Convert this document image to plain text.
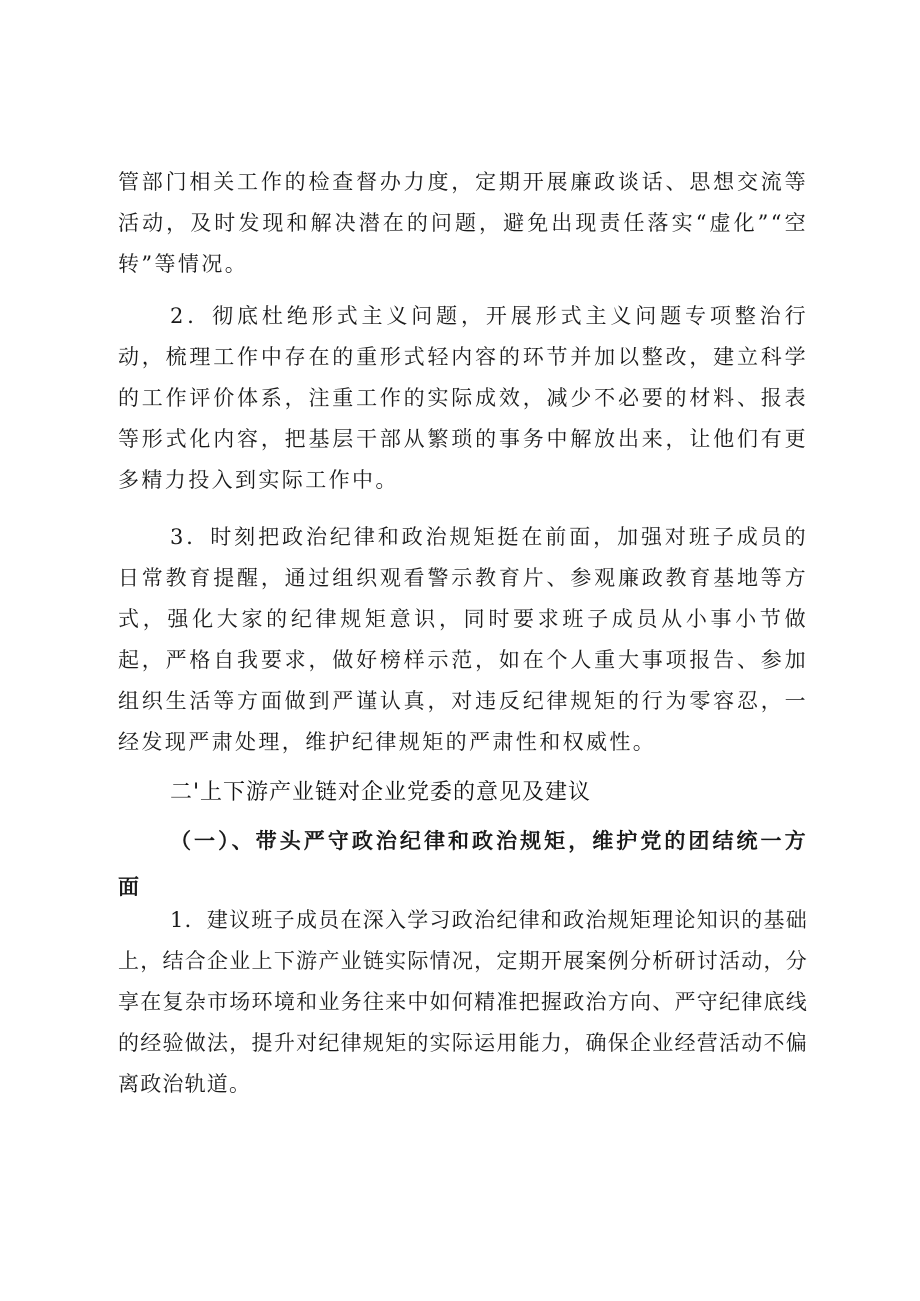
管部门相关工作的检查督办力度，定期开展廉政谈话、思想交流等活动，及时发现和解决潜在的问题，避免出现责任落实“虚化”“空转”等情况。
2．彻底杜绝形式主义问题，开展形式主义问题专项整治行动，梳理工作中存在的重形式轻内容的环节并加以整改，建立科学的工作评价体系，注重工作的实际成效，减少不必要的材料、报表等形式化内容，把基层干部从繁琐的事务中解放出来，让他们有更多精力投入到实际工作中。
3．时刻把政治纪律和政治规矩挺在前面，加强对班子成员的日常教育提醒，通过组织观看警示教育片、参观廉政教育基地等方式，强化大家的纪律规矩意识，同时要求班子成员从小事小节做起，严格自我要求，做好榜样示范，如在个人重大事项报告、参加组织生活等方面做到严谨认真，对违反纪律规矩的行为零容忍，一经发现严肃处理，维护纪律规矩的严肃性和权威性。
二'上下游产业链对企业党委的意见及建议
（一）、带头严守政治纪律和政治规矩，维护党的团结统一方面
1．建议班子成员在深入学习政治纪律和政治规矩理论知识的基础上，结合企业上下游产业链实际情况，定期开展案例分析研讨活动，分享在复杂市场环境和业务往来中如何精准把握政治方向、严守纪律底线的经验做法，提升对纪律规矩的实际运用能力，确保企业经营活动不偏离政治轨道。
